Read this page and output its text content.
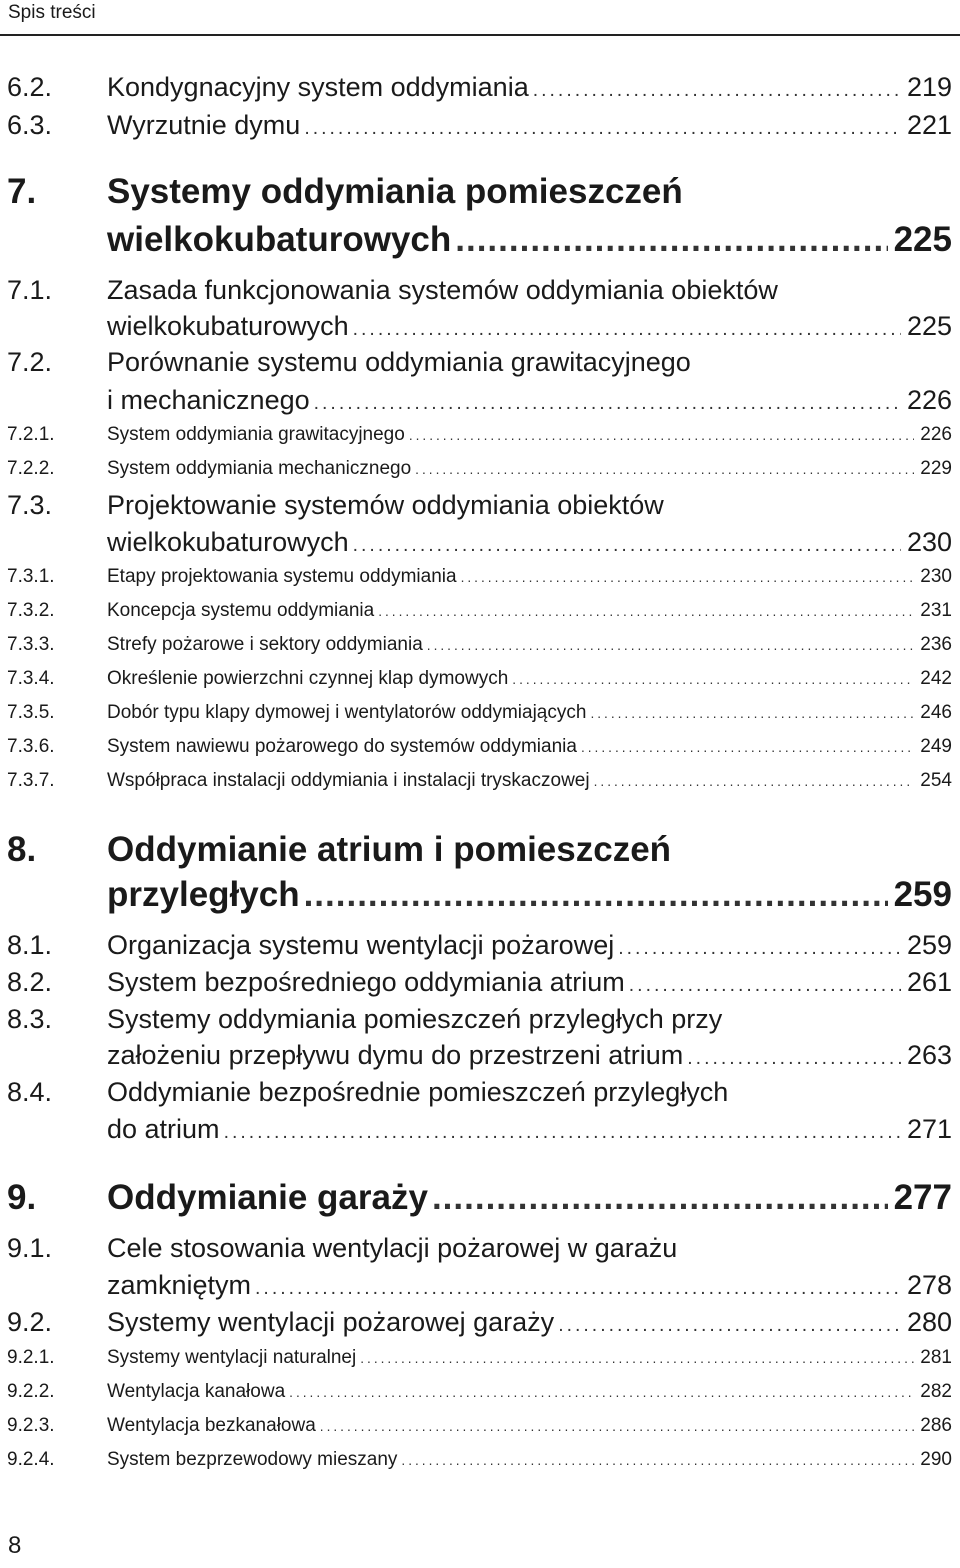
Spis treści
6.2. Kondygnacyjny system oddymiania .....	219
6.3. Wyrzutnie dymu .....	221
7. Systemy oddymiania pomieszczeń
wielkokubaturowych .....	225
7.1. Zasada funkcjonowania systemów oddymiania obiektów
wielkokubaturowych .....	225
7.2. Porównanie systemu oddymiania grawitacyjnego
i mechanicznego .....	226
7.2.1.	System oddymiania grawitacyjnego .....	226
7.2.2.	System oddymiania mechanicznego .....	229
7.3. Projektowanie systemów oddymiania obiektów
wielkokubaturowych .....	230
7.3.1.	Etapy projektowania systemu oddymiania .....	230
7.3.2.	Koncepcja systemu oddymiania .....	231
7.3.3.	Strefy pożarowe i sektory oddymiania .....	236
7.3.4.	Określenie powierzchni czynnej klap dymowych .....	242
7.3.5.	Dobór typu klapy dymowej i wentylatorów oddymiających .....	246
7.3.6.	System nawiewu pożarowego do systemów oddymiania .....	249
7.3.7.	Współpraca instalacji oddymiania i instalacji tryskaczowej .....	254
8. Oddymianie atrium i pomieszczeń
przyległych .....	259
8.1. Organizacja systemu wentylacji pożarowej .....	259
8.2. System bezpośredniego oddymiania atrium .....	261
8.3. Systemy oddymiania pomieszczeń przyległych przy
założeniu przepływu dymu do przestrzeni atrium .....	263
8.4. Oddymianie bezpośrednie pomieszczeń przyległych
do atrium .....	271
9. Oddymianie garaży .....	277
9.1. Cele stosowania wentylacji pożarowej w garażu
zamkniętym .....	278
9.2. Systemy wentylacji pożarowej garaży .....	280
9.2.1.	Systemy wentylacji naturalnej .....	281
9.2.2.	Wentylacja kanałowa .....	282
9.2.3.	Wentylacja bezkanałowa .....	286
9.2.4.	System bezprzewodowy mieszany .....	290
8
